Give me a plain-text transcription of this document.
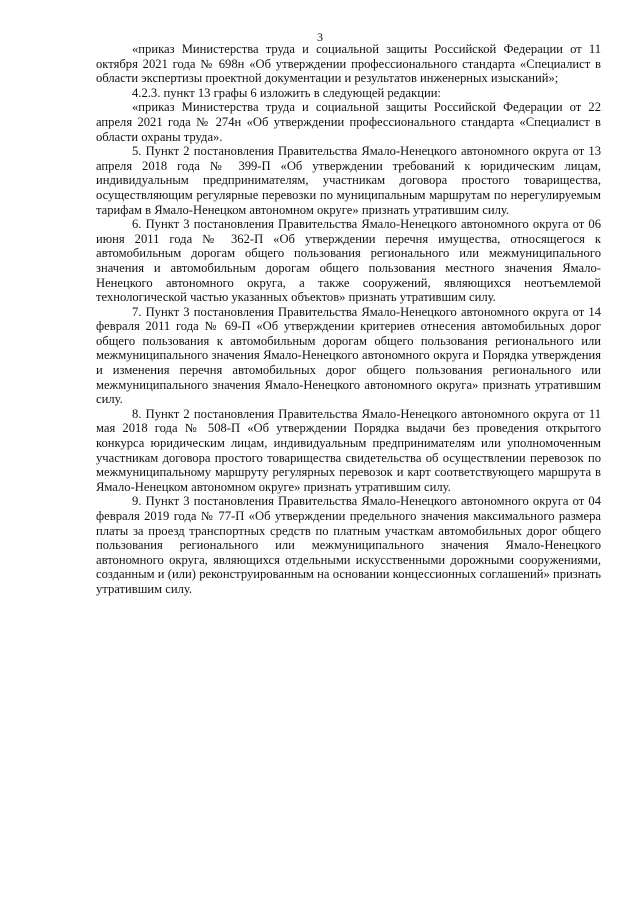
3

«приказ Министерства труда и социальной защиты Российской Федерации от 11 октября 2021 года № 698н «Об утверждении профессионального стандарта «Специалист в области экспертизы проектной документации и результатов инженерных изысканий»;

4.2.3. пункт 13 графы 6 изложить в следующей редакции:

«приказ Министерства труда и социальной защиты Российской Федерации от 22 апреля 2021 года № 274н «Об утверждении профессионального стандарта «Специалист в области охраны труда».

5. Пункт 2 постановления Правительства Ямало-Ненецкого автономного округа от 13 апреля 2018 года № 399-П «Об утверждении требований к юридическим лицам, индивидуальным предпринимателям, участникам договора простого товарищества, осуществляющим регулярные перевозки по муниципальным маршрутам по нерегулируемым тарифам в Ямало-Ненецком автономном округе» признать утратившим силу.

6. Пункт 3 постановления Правительства Ямало-Ненецкого автономного округа от 06 июня 2011 года № 362-П «Об утверждении перечня имущества, относящегося к автомобильным дорогам общего пользования регионального или межмуниципального значения и автомобильным дорогам общего пользования местного значения Ямало-Ненецкого автономного округа, а также сооружений, являющихся неотъемлемой технологической частью указанных объектов» признать утратившим силу.

7. Пункт 3 постановления Правительства Ямало-Ненецкого автономного округа от 14 февраля 2011 года № 69-П «Об утверждении критериев отнесения автомобильных дорог общего пользования к автомобильным дорогам общего пользования регионального или межмуниципального значения Ямало-Ненецкого автономного округа и Порядка утверждения и изменения перечня автомобильных дорог общего пользования регионального или межмуниципального значения Ямало-Ненецкого автономного округа» признать утратившим силу.

8. Пункт 2 постановления Правительства Ямало-Ненецкого автономного округа от 11 мая 2018 года № 508-П «Об утверждении Порядка выдачи без проведения открытого конкурса юридическим лицам, индивидуальным предпринимателям или уполномоченным участникам договора простого товарищества свидетельства об осуществлении перевозок по межмуниципальному маршруту регулярных перевозок и карт соответствующего маршрута в Ямало-Ненецком автономном округе» признать утратившим силу.

9. Пункт 3 постановления Правительства Ямало-Ненецкого автономного округа от 04 февраля 2019 года № 77-П «Об утверждении предельного значения максимального размера платы за проезд транспортных средств по платным участкам автомобильных дорог общего пользования регионального или межмуниципального значения Ямало-Ненецкого автономного округа, являющихся отдельными искусственными дорожными сооружениями, созданным и (или) реконструированным на основании концессионных соглашений» признать утратившим силу.
